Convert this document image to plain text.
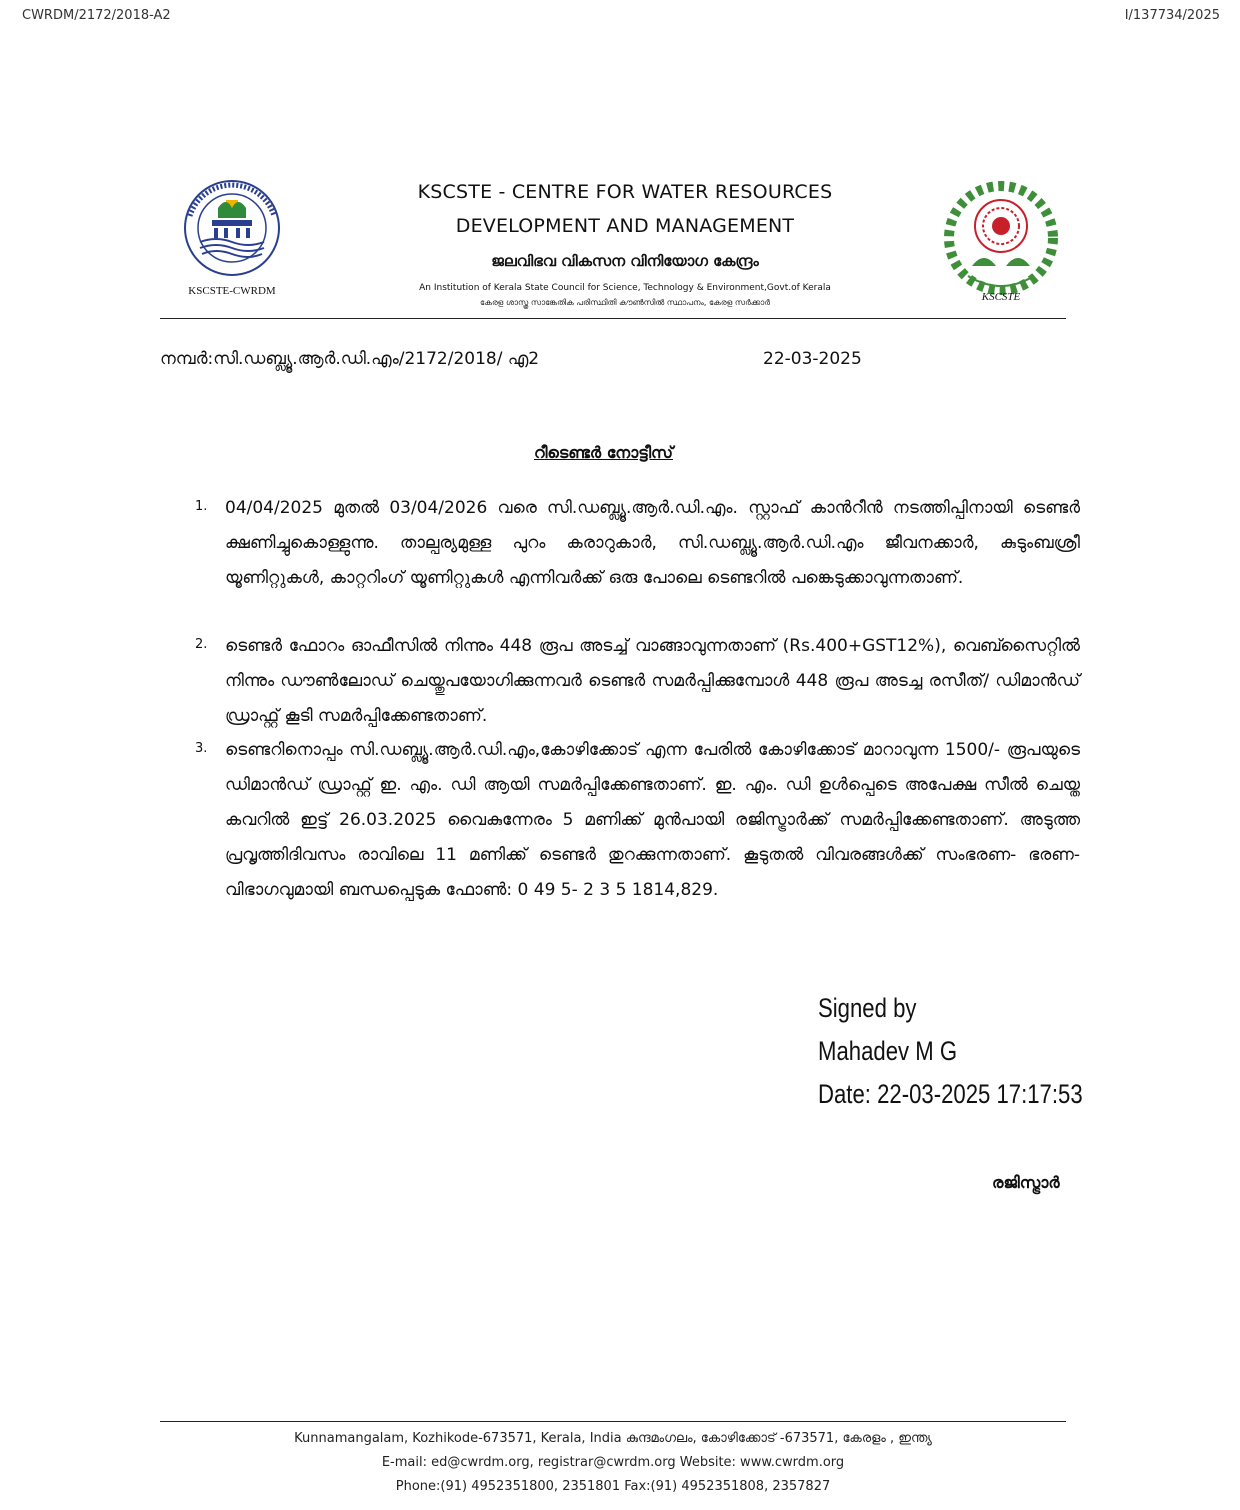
CWRDM/2172/2018-A2	I/137734/2025
KSCSTE-CWRDM
KSCSTE - CENTRE FOR WATER RESOURCES
DEVELOPMENT AND MANAGEMENT
ജലവിഭവ വികസന വിനിയോഗ കേന്ദ്രം
An Institution of Kerala State Council for Science, Technology & Environment,Govt.of Kerala
കേരള ശാസ്ത്ര സാങ്കേതിക പരിസ്ഥിതി കൗൺസിൽ സ്ഥാപനം, കേരള സർക്കാർ	KSCSTE
നമ്പർ:സി.ഡബ്ല്യൂ.ആർ.ഡി.എം/2172/2018/ എ2	22-03-2025
റീടെണ്ടർ നോട്ടീസ്
1. 04/04/2025 മുതൽ 03/04/2026 വരെ സി.ഡബ്ല്യൂ.ആർ.ഡി.എം. സ്റ്റാഫ് കാൻറീൻ നടത്തിപ്പിനായി ടെണ്ടർ ക്ഷണിച്ചുകൊള്ളുന്നു. താല്പര്യമുള്ള പുറം കരാറുകാർ, സി.ഡബ്ല്യൂ.ആർ.ഡി.എം ജീവനക്കാർ, കുടുംബശ്രീ യൂണിറ്റുകൾ, കാറ്ററിംഗ് യൂണിറ്റുകൾ എന്നിവർക്ക് ഒരു പോലെ ടെണ്ടറിൽ പങ്കെടുക്കാവുന്നതാണ്.
2. ടെണ്ടർ ഫോറം ഓഫീസിൽ നിന്നും 448 രൂപ അടച്ച് വാങ്ങാവുന്നതാണ് (Rs.400+GST12%), വെബ്സൈറ്റിൽ നിന്നും ഡൗൺലോഡ് ചെയ്തുപയോഗിക്കുന്നവർ ടെണ്ടർ സമർപ്പിക്കുമ്പോൾ 448 രൂപ അടച്ച രസീത്/ ഡിമാൻഡ് ഡ്രാഫ്റ്റ് കൂടി സമർപ്പിക്കേണ്ടതാണ്.
3. ടെണ്ടറിനൊപ്പം സി.ഡബ്ല്യൂ.ആർ.ഡി.എം,കോഴിക്കോട് എന്ന പേരിൽ കോഴിക്കോട് മാറാവുന്ന 1500/- രൂപയുടെ ഡിമാൻഡ് ഡ്രാഫ്റ്റ് ഇ. എം. ഡി ആയി സമർപ്പിക്കേണ്ടതാണ്. ഇ. എം. ഡി ഉൾപ്പെടെ അപേക്ഷ സീൽ ചെയ്ത കവറിൽ ഇട്ട് 26.03.2025 വൈകുന്നേരം 5 മണിക്ക് മുൻപായി രജിസ്ട്രാർക്ക് സമർപ്പിക്കേണ്ടതാണ്. അടുത്ത പ്രവൃത്തിദിവസം രാവിലെ 11 മണിക്ക് ടെണ്ടർ തുറക്കുന്നതാണ്. കൂടുതൽ വിവരങ്ങൾക്ക് സംഭരണ- ഭരണ- വിഭാഗവുമായി ബന്ധപ്പെടുക ഫോൺ: 0 49 5- 2 3 5 1814,829.
Signed by
Mahadev M G
Date: 22-03-2025 17:17:53
രജിസ്ട്രാർ
Kunnamangalam, Kozhikode-673571, Kerala, India കുന്ദമംഗലം, കോഴിക്കോട് -673571, കേരളം , ഇന്ത്യ
E-mail: ed@cwrdm.org, registrar@cwrdm.org Website: www.cwrdm.org
Phone:(91) 4952351800, 2351801 Fax:(91) 4952351808, 2357827
